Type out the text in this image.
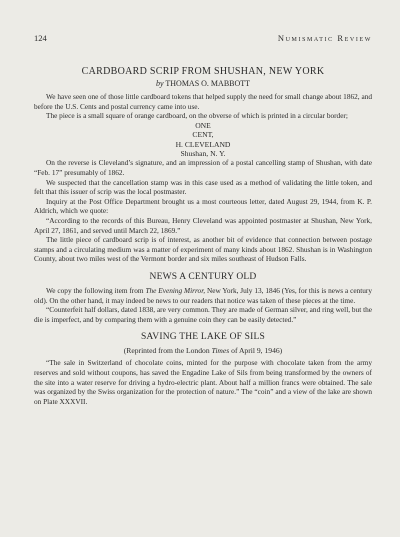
124	Numismatic Review
CARDBOARD SCRIP FROM SHUSHAN, NEW YORK
by THOMAS O. MABBOTT

We have seen one of those little cardboard tokens that helped supply the need for small change about 1862, and before the U.S. Cents and postal currency came into use.

The piece is a small square of orange cardboard, on the obverse of which is printed in a circular border;

ONE
CENT,
H. CLEVELAND
Shushan, N. Y.

On the reverse is Cleveland’s signature, and an impression of a postal cancelling stamp of Shushan, with date “Feb. 17” presumably of 1862.

We suspected that the cancellation stamp was in this case used as a method of validating the little token, and felt that this issuer of scrip was the local postmaster.

Inquiry at the Post Office Department brought us a most courteous letter, dated August 29, 1944, from K. P. Aldrich, which we quote:

“According to the records of this Bureau, Henry Cleveland was appointed postmaster at Shushan, New York, April 27, 1861, and served until March 22, 1869.”

The little piece of cardboard scrip is of interest, as another bit of evidence that connection between postage stamps and a circulating medium was a matter of experiment of many kinds about 1862. Shushan is in Washington County, about two miles west of the Vermont border and six miles southeast of Hudson Falls.

NEWS A CENTURY OLD

We copy the following item from The Evening Mirror, New York, July 13, 1846 (Yes, for this is news a century old). On the other hand, it may indeed be news to our readers that notice was taken of these pieces at the time.

“Counterfeit half dollars, dated 1838, are very common. They are made of German silver, and ring well, but the die is imperfect, and by comparing them with a genuine coin they can be easily detected.”

SAVING THE LAKE OF SILS
(Reprinted from the London Times of April 9, 1946)

“The sale in Switzerland of chocolate coins, minted for the purpose with chocolate taken from the army reserves and sold without coupons, has saved the Engadine Lake of Sils from being transformed by the owners of the site into a water reserve for driving a hydro-electric plant. About half a million francs were obtained. The sale was organized by the Swiss organization for the protection of nature.” The “coin” and a view of the lake are shown on Plate XXXVII.
